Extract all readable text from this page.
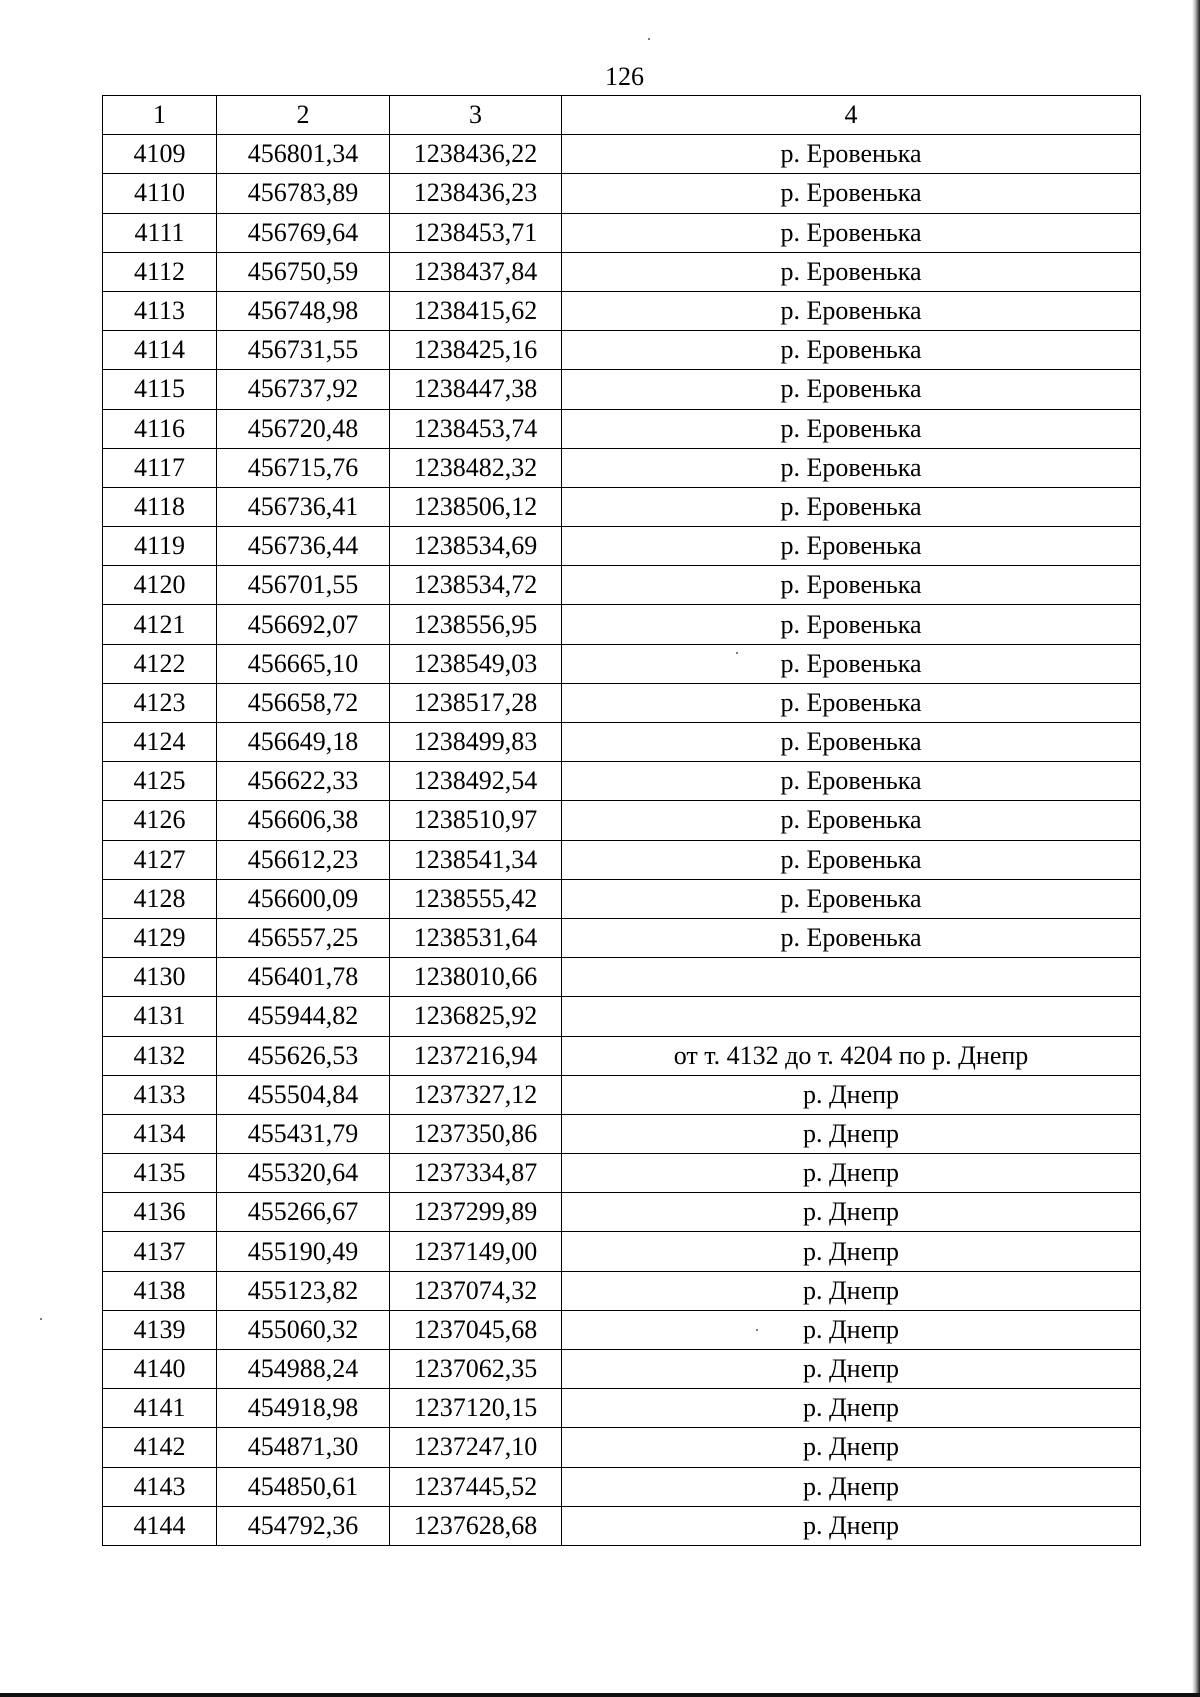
126
1	2	3	4
4109	456801,34	1238436,22	р. Еровенька
4110	456783,89	1238436,23	р. Еровенька
4111	456769,64	1238453,71	р. Еровенька
4112	456750,59	1238437,84	р. Еровенька
4113	456748,98	1238415,62	р. Еровенька
4114	456731,55	1238425,16	р. Еровенька
4115	456737,92	1238447,38	р. Еровенька
4116	456720,48	1238453,74	р. Еровенька
4117	456715,76	1238482,32	р. Еровенька
4118	456736,41	1238506,12	р. Еровенька
4119	456736,44	1238534,69	р. Еровенька
4120	456701,55	1238534,72	р. Еровенька
4121	456692,07	1238556,95	р. Еровенька
4122	456665,10	1238549,03	р. Еровенька
4123	456658,72	1238517,28	р. Еровенька
4124	456649,18	1238499,83	р. Еровенька
4125	456622,33	1238492,54	р. Еровенька
4126	456606,38	1238510,97	р. Еровенька
4127	456612,23	1238541,34	р. Еровенька
4128	456600,09	1238555,42	р. Еровенька
4129	456557,25	1238531,64	р. Еровенька
4130	456401,78	1238010,66	
4131	455944,82	1236825,92	
4132	455626,53	1237216,94	от т. 4132 до т. 4204 по р. Днепр
4133	455504,84	1237327,12	р. Днепр
4134	455431,79	1237350,86	р. Днепр
4135	455320,64	1237334,87	р. Днепр
4136	455266,67	1237299,89	р. Днепр
4137	455190,49	1237149,00	р. Днепр
4138	455123,82	1237074,32	р. Днепр
4139	455060,32	1237045,68	р. Днепр
4140	454988,24	1237062,35	р. Днепр
4141	454918,98	1237120,15	р. Днепр
4142	454871,30	1237247,10	р. Днепр
4143	454850,61	1237445,52	р. Днепр
4144	454792,36	1237628,68	р. Днепр
